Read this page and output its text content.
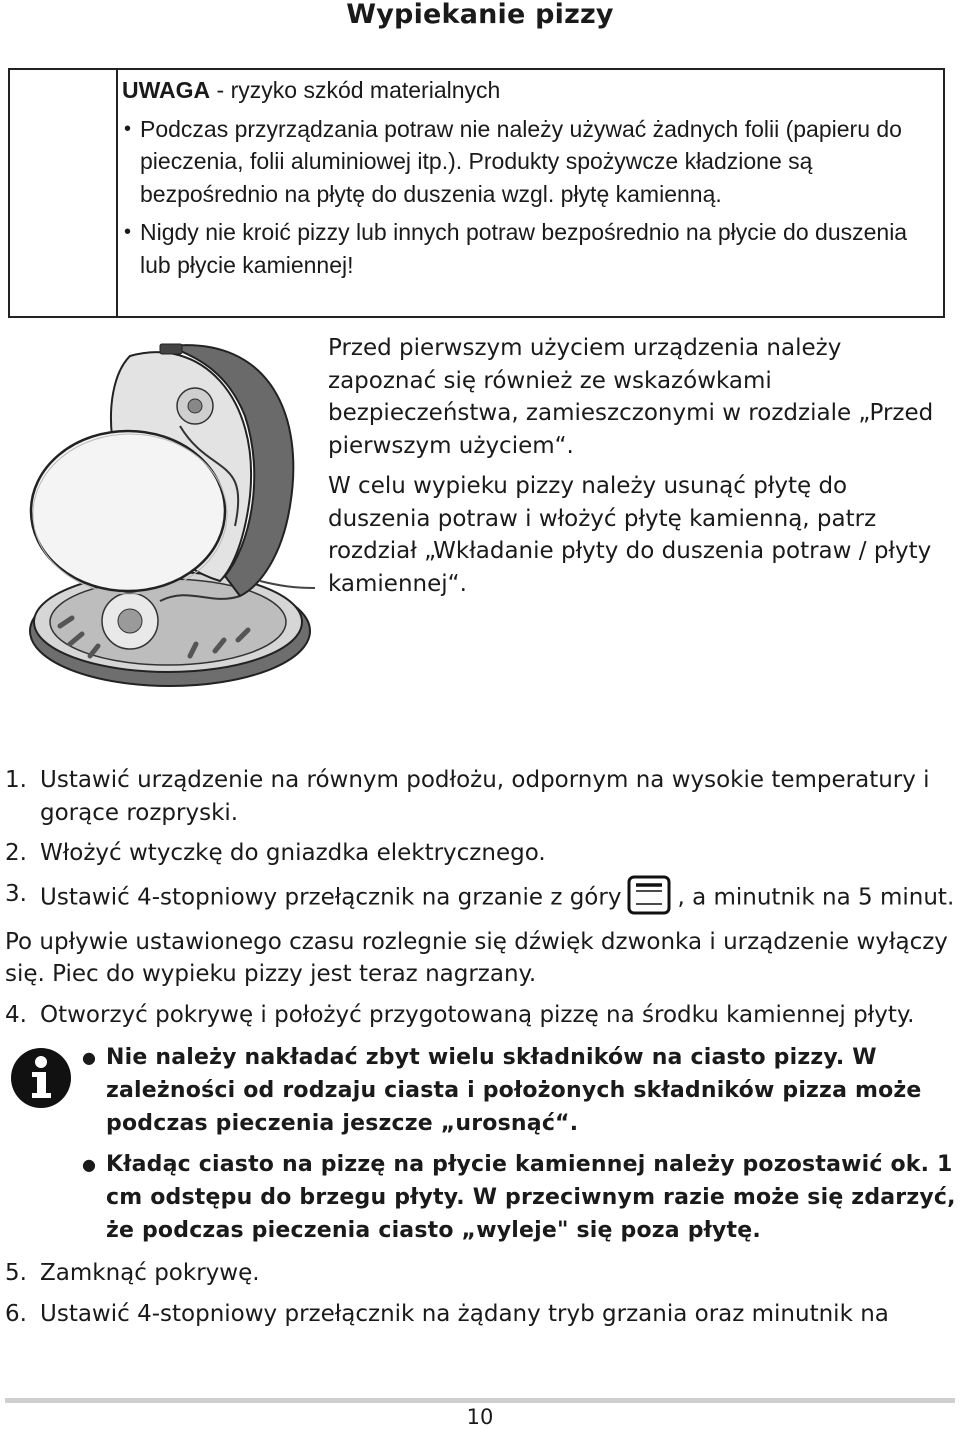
Wypiekanie pizzy
UWAGA - ryzyko szkód materialnych
• Podczas przyrządzania potraw nie należy używać żadnych folii (papieru do pieczenia, folii aluminiowej itp.). Produkty spożywcze kładzione są bezpośrednio na płytę do duszenia wzgl. płytę kamienną.
• Nigdy nie kroić pizzy lub innych potraw bezpośrednio na płycie do duszenia lub płycie kamiennej!

Przed pierwszym użyciem urządzenia należy zapoznać się również ze wskazówkami bezpieczeństwa, zamieszczonymi w rozdziale „Przed pierwszym użyciem“.

W celu wypieku pizzy należy usunąć płytę do duszenia potraw i włożyć płytę kamienną, patrz rozdział „Wkładanie płyty do duszenia potraw / płyty kamiennej“.

1. Ustawić urządzenie na równym podłożu, odpornym na wysokie temperatury i gorące rozpryski.
2. Włożyć wtyczkę do gniazdka elektrycznego.
3. Ustawić 4-stopniowy przełącznik na grzanie z góry , a minutnik na 5 minut.
Po upływie ustawionego czasu rozlegnie się dźwięk dzwonka i urządzenie wyłączy się. Piec do wypieku pizzy jest teraz nagrzany.
4. Otworzyć pokrywę i położyć przygotowaną pizzę na środku kamiennej płyty.
● Nie należy nakładać zbyt wielu składników na ciasto pizzy. W zależności od rodzaju ciasta i położonych składników pizza może podczas pieczenia jeszcze „urosnąć“.
● Kładąc ciasto na pizzę na płycie kamiennej należy pozostawić ok. 1 cm odstępu do brzegu płyty. W przeciwnym razie może się zdarzyć, że podczas pieczenia ciasto „wyleje" się poza płytę.
5. Zamknąć pokrywę.
6. Ustawić 4-stopniowy przełącznik na żądany tryb grzania oraz minutnik na
10
